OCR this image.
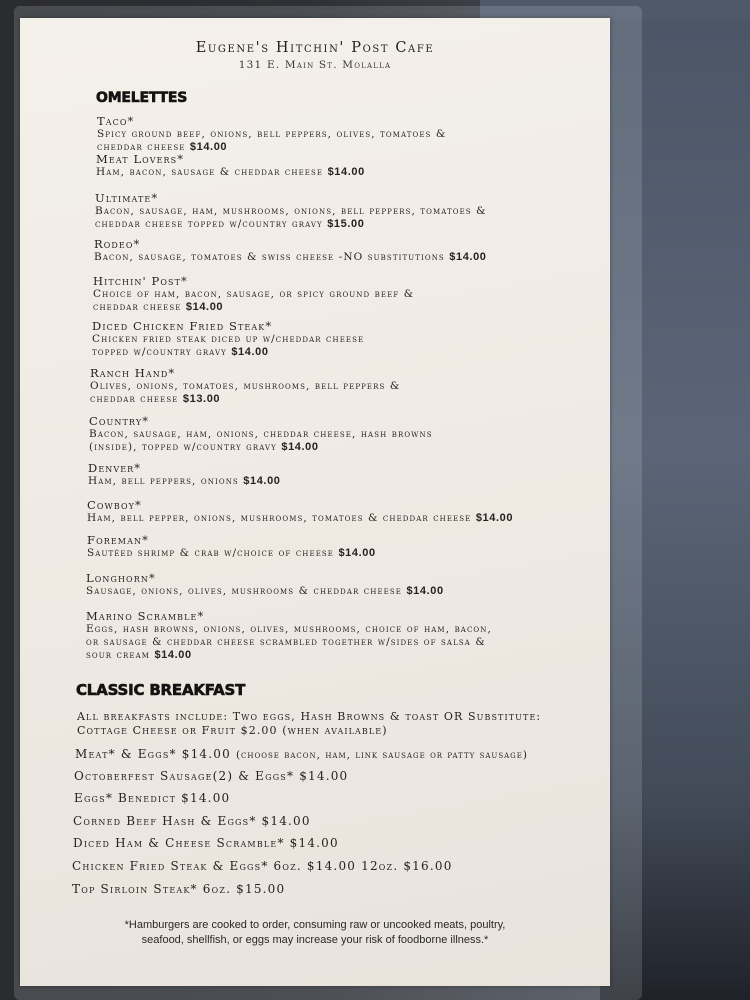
Eugene's Hitchin' Post Cafe
131 E. Main St. Molalla
OMELETTES
Taco*
Spicy ground beef, onions, bell peppers, olives, tomatoes &
cheddar cheese $14.00
Meat Lovers*
Ham, bacon, sausage & cheddar cheese $14.00
Ultimate*
Bacon, sausage, ham, mushrooms, onions, bell peppers, tomatoes &
cheddar cheese topped w/country gravy $15.00
Rodeo*
Bacon, sausage, tomatoes & swiss cheese -NO substitutions $14.00
Hitchin' Post*
Choice of ham, bacon, sausage, or spicy ground beef &
cheddar cheese $14.00
Diced Chicken Fried Steak*
Chicken fried steak diced up w/cheddar cheese
topped w/country gravy $14.00
Ranch Hand*
Olives, onions, tomatoes, mushrooms, bell peppers &
cheddar cheese $13.00
Country*
Bacon, sausage, ham, onions, cheddar cheese, hash browns
(inside), topped w/country gravy $14.00
Denver*
Ham, bell peppers, onions $14.00
Cowboy*
Ham, bell pepper, onions, mushrooms, tomatoes & cheddar cheese $14.00
Foreman*
Sautéed shrimp & crab w/choice of cheese $14.00
Longhorn*
Sausage, onions, olives, mushrooms & cheddar cheese $14.00
Marino Scramble*
Eggs, hash browns, onions, olives, mushrooms, choice of ham, bacon,
or sausage & cheddar cheese scrambled together w/sides of salsa &
sour cream $14.00
CLASSIC BREAKFAST
All breakfasts include: Two eggs, Hash Browns & toast OR Substitute:
Cottage Cheese or Fruit $2.00 (when available)
Meat* & Eggs* $14.00 (choose bacon, ham, link sausage or patty sausage)
Octoberfest Sausage(2) & Eggs* $14.00
Eggs* Benedict $14.00
Corned Beef Hash & Eggs* $14.00
Diced Ham & Cheese Scramble* $14.00
Chicken Fried Steak & Eggs* 6oz. $14.00 12oz. $16.00
Top Sirloin Steak* 6oz. $15.00
*Hamburgers are cooked to order, consuming raw or uncooked meats, poultry,
seafood, shellfish, or eggs may increase your risk of foodborne illness.*
